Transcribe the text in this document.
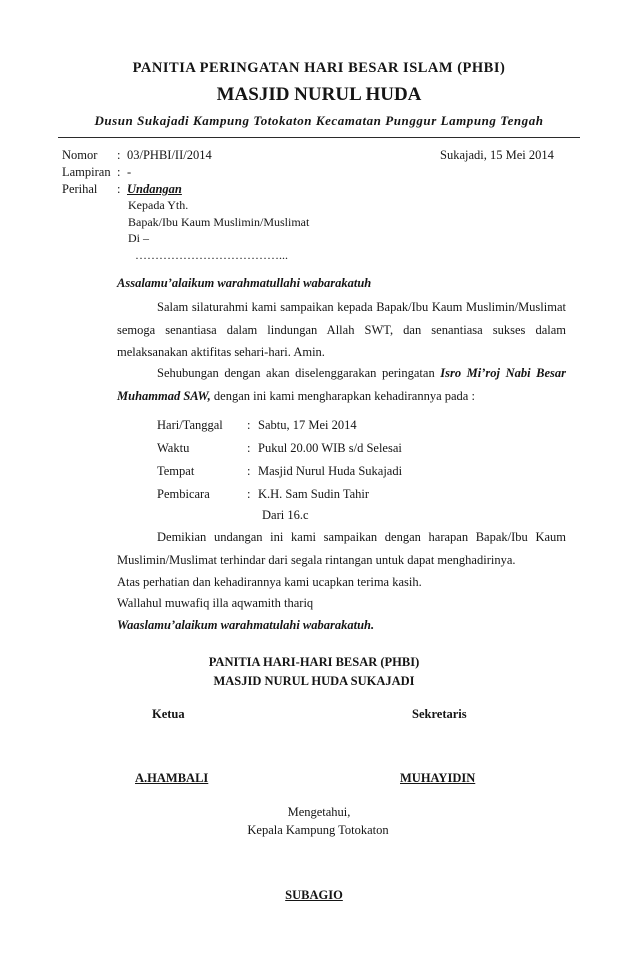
PANITIA PERINGATAN HARI BESAR ISLAM (PHBI)
MASJID NURUL HUDA
Dusun Sukajadi Kampung Totokaton Kecamatan Punggur Lampung Tengah
Nomor : 03/PHBI/II/2014	Sukajadi, 15 Mei 2014
Lampiran : -
Perihal : Undangan
Kepada Yth.
Bapak/Ibu Kaum Muslimin/Muslimat
Di –
………………………………...
Assalamu’alaikum warahmatullahi wabarakatuh
Salam silaturahmi kami sampaikan kepada Bapak/Ibu Kaum Muslimin/Muslimat
semoga senantiasa dalam lindungan Allah SWT, dan senantiasa sukses dalam
melaksanakan aktifitas sehari-hari. Amin.
Sehubungan dengan akan diselenggarakan peringatan Isro Mi’roj Nabi Besar
Muhammad SAW, dengan ini kami mengharapkan kehadirannya pada :
Hari/Tanggal : Sabtu, 17 Mei 2014
Waktu	: Pukul 20.00 WIB s/d Selesai
Tempat	: Masjid Nurul Huda Sukajadi
Pembicara	: K.H. Sam Sudin Tahir
Dari 16.c
Demikian undangan ini kami sampaikan dengan harapan Bapak/Ibu Kaum
Muslimin/Muslimat terhindar dari segala rintangan untuk dapat menghadirinya.
Atas perhatian dan kehadirannya kami ucapkan terima kasih.
Wallahul muwafiq illa aqwamith thariq
Waaslamu’alaikum warahmatulahi wabarakatuh.
PANITIA HARI-HARI BESAR (PHBI)
MASJID NURUL HUDA SUKAJADI
Ketua	Sekretaris
A.HAMBALI	MUHAYIDIN
Mengetahui,
Kepala Kampung Totokaton
SUBAGIO
